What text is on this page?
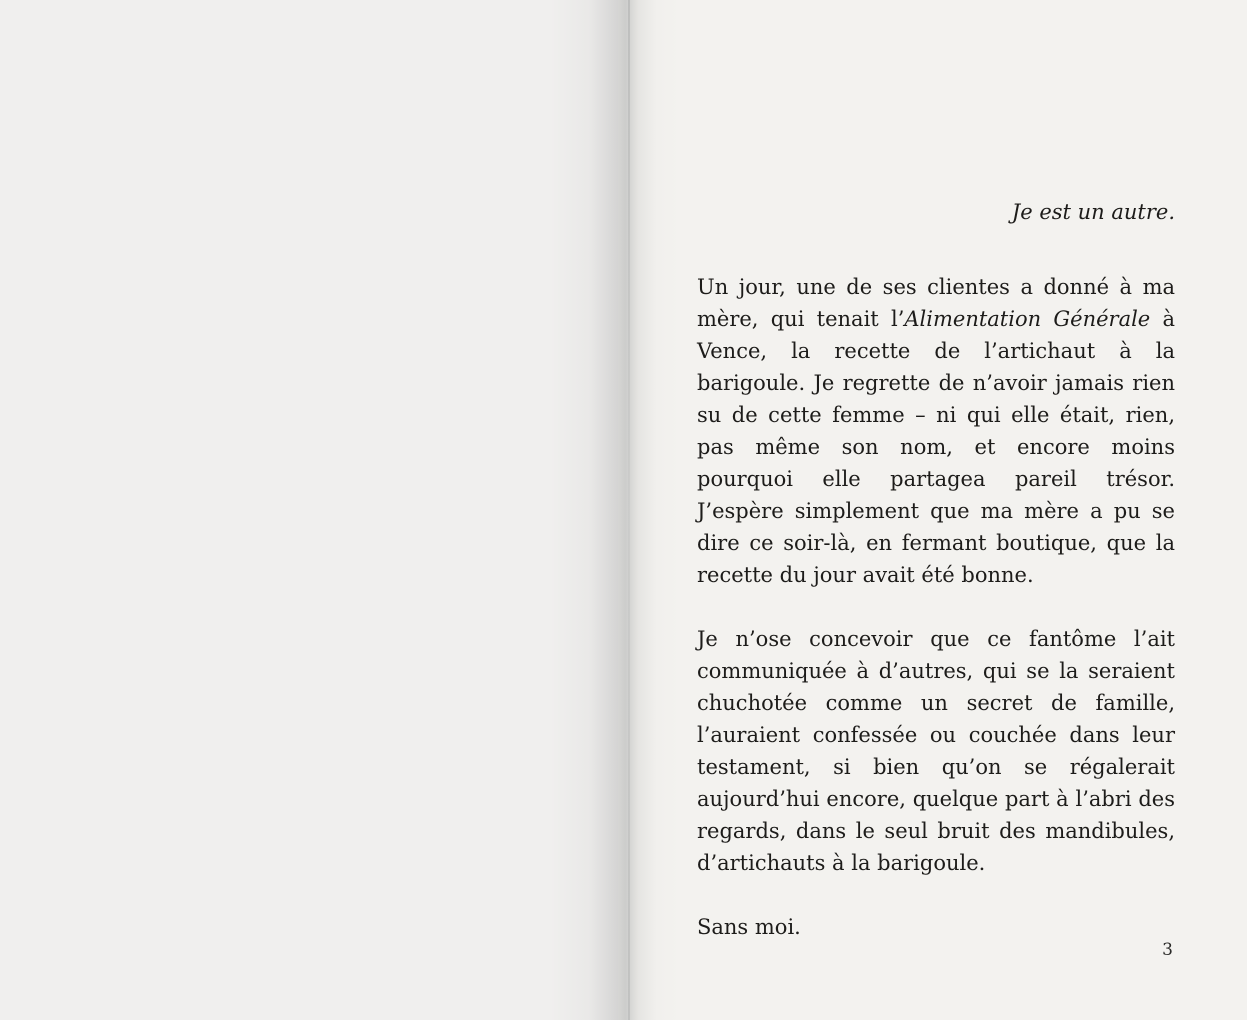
Je est un autre.

Un jour, une de ses clientes a donné à ma mère, qui tenait l’Alimentation Générale à Vence, la recette de l’artichaut à la barigoule. Je regrette de n’avoir jamais rien su de cette femme – ni qui elle était, rien, pas même son nom, et encore moins pourquoi elle partagea pareil trésor. J’espère simplement que ma mère a pu se dire ce soir-là, en fermant boutique, que la recette du jour avait été bonne.

Je n’ose concevoir que ce fantôme l’ait communiquée à d’autres, qui se la seraient chuchotée comme un secret de famille, l’auraient confessée ou couchée dans leur testament, si bien qu’on se régalerait aujourd’hui encore, quelque part à l’abri des regards, dans le seul bruit des mandibules, d’artichauts à la barigoule.

Sans moi.

3
